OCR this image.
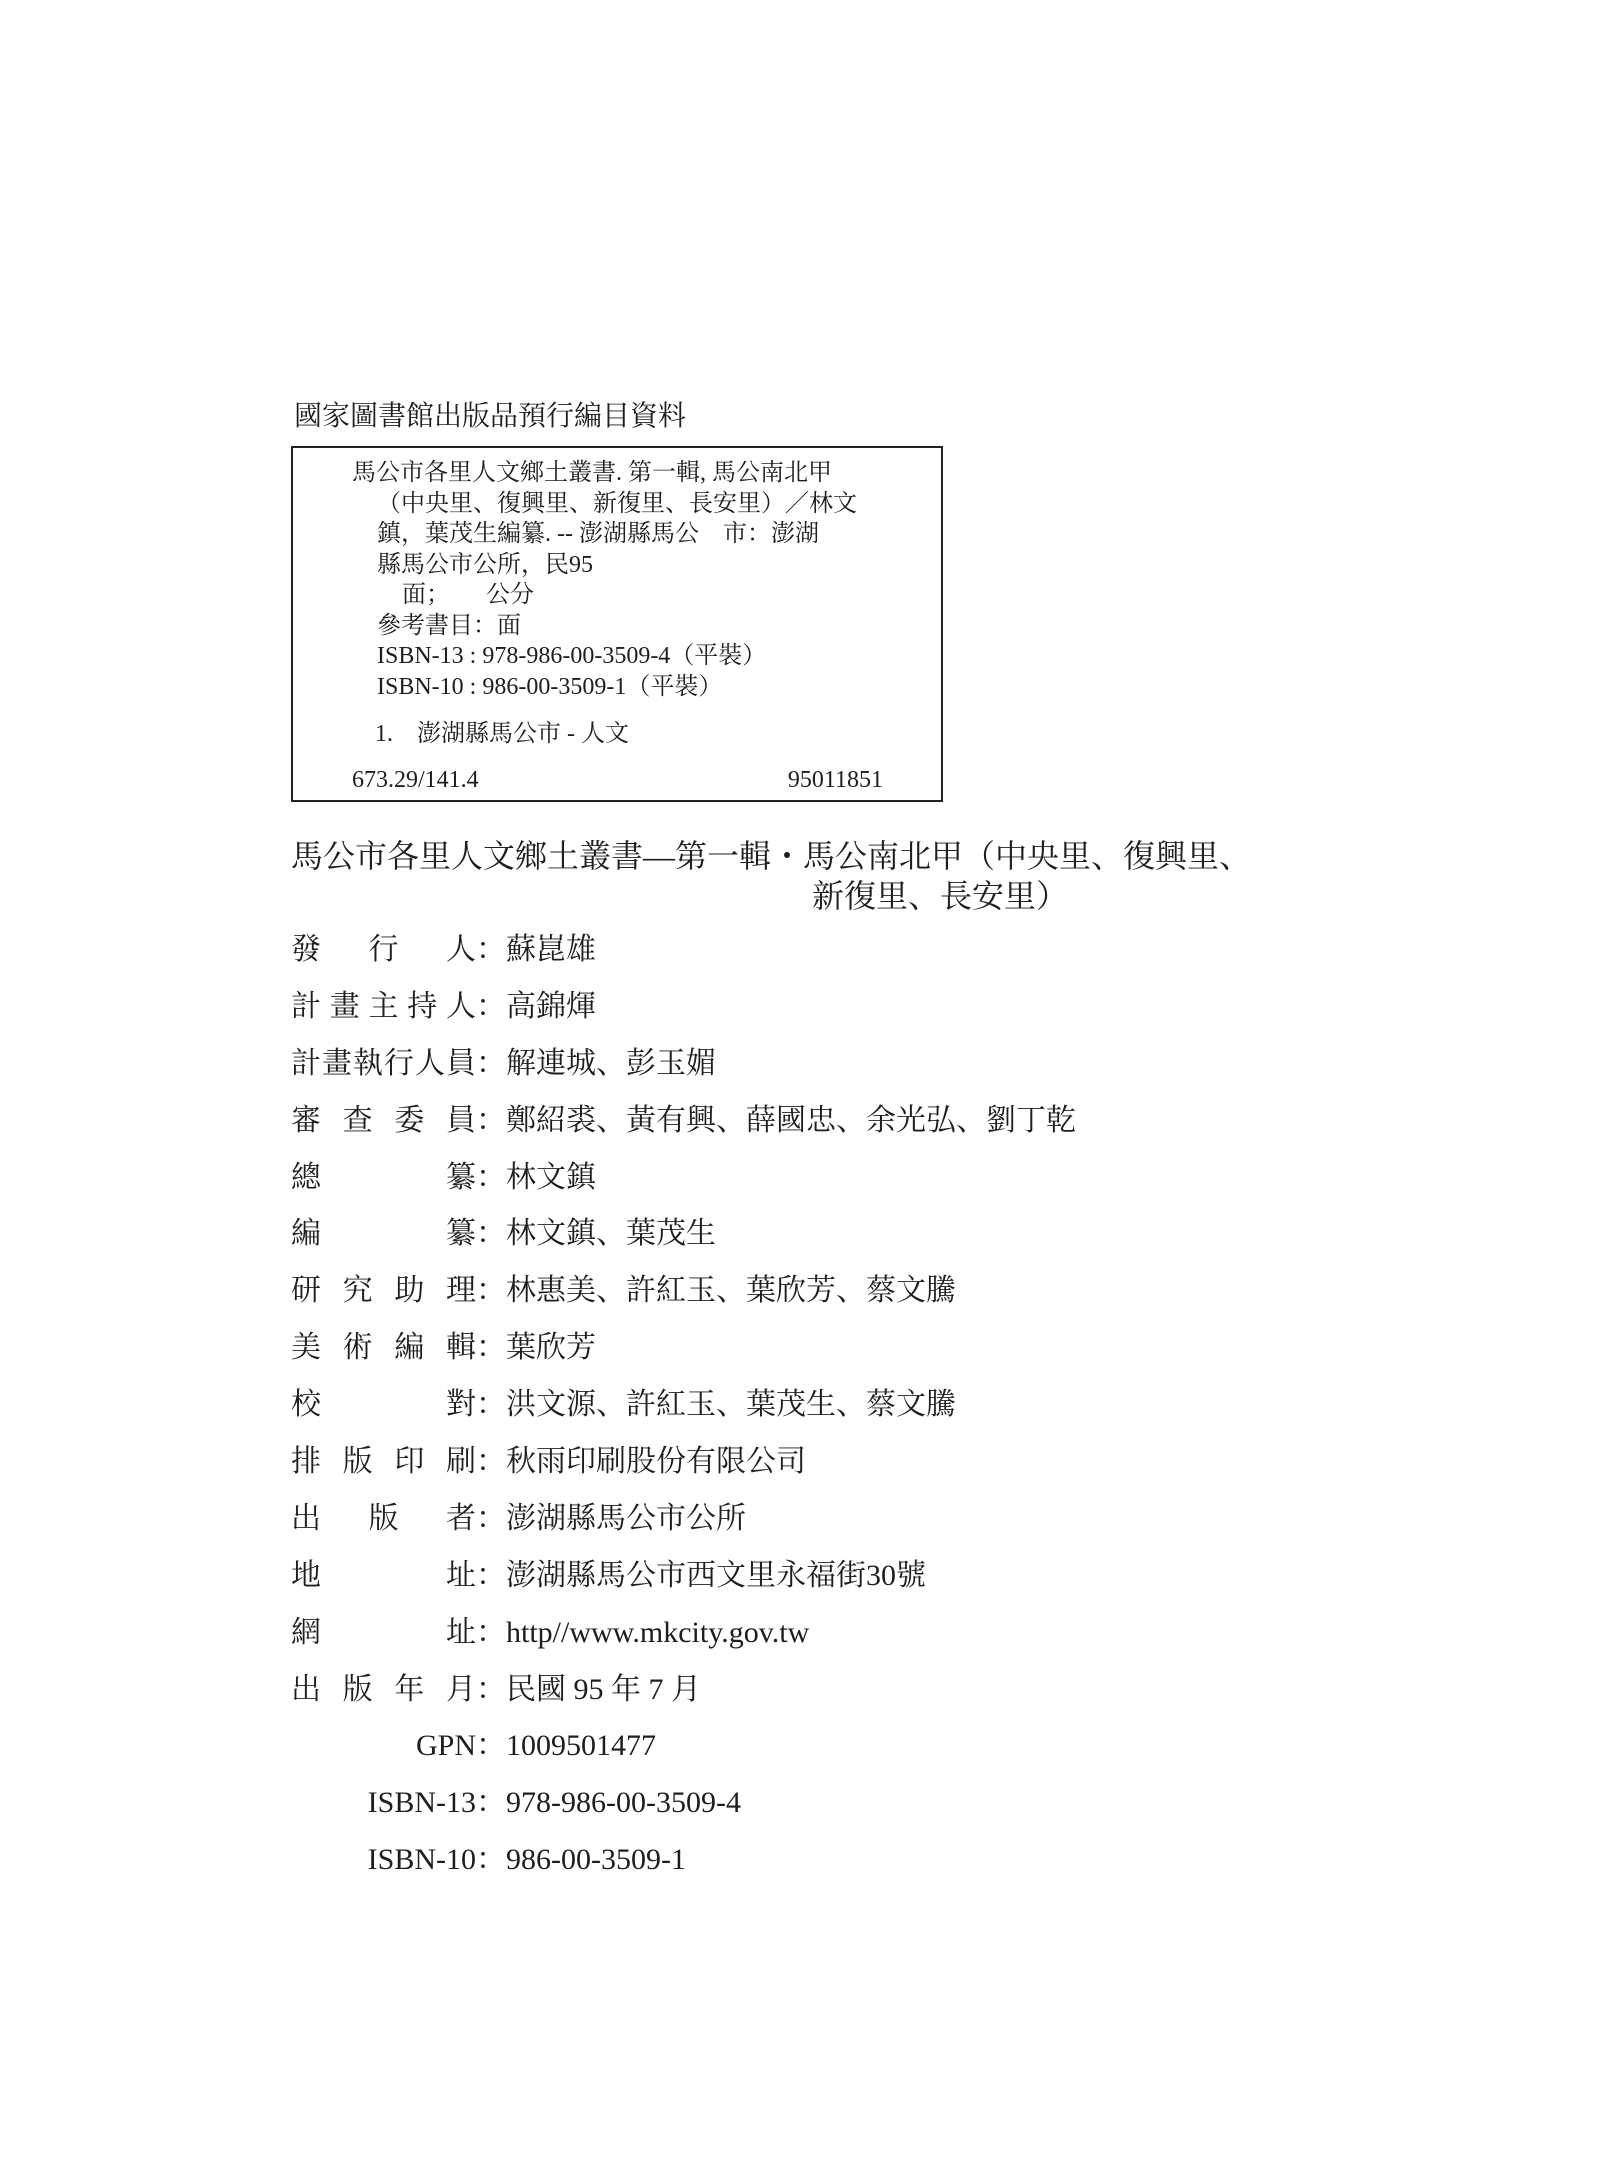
國家圖書館出版品預行編目資料
馬公市各里人文鄉土叢書. 第一輯, 馬公南北甲
（中央里、復興里、新復里、長安里）／林文
鎮，葉茂生編纂. -- 澎湖縣馬公　市：澎湖
縣馬公市公所，民95
面；　　公分
參考書目：面
ISBN-13 : 978-986-00-3509-4（平裝）
ISBN-10 : 986-00-3509-1（平裝）
1.　澎湖縣馬公市 - 人文
673.29/141.4	95011851
馬公市各里人文鄉土叢書—第一輯・馬公南北甲（中央里、復興里、
新復里、長安里）
發行人 ： 蘇崑雄
計畫主持人 ： 高錦煇
計畫執行人員 ： 解連城、彭玉媚
審查委員 ： 鄭紹裘、黃有興、薛國忠、余光弘、劉丁乾
總纂 ： 林文鎮
編纂 ： 林文鎮、葉茂生
研究助理 ： 林惠美、許紅玉、葉欣芳、蔡文騰
美術編輯 ： 葉欣芳
校對 ： 洪文源、許紅玉、葉茂生、蔡文騰
排版印刷 ： 秋雨印刷股份有限公司
出版者 ： 澎湖縣馬公市公所
地址 ： 澎湖縣馬公市西文里永福街30號
網址 ： http//www.mkcity.gov.tw
出版年月 ： 民國 95 年 7 月
GPN ： 1009501477
ISBN-13 ： 978-986-00-3509-4
ISBN-10 ： 986-00-3509-1
